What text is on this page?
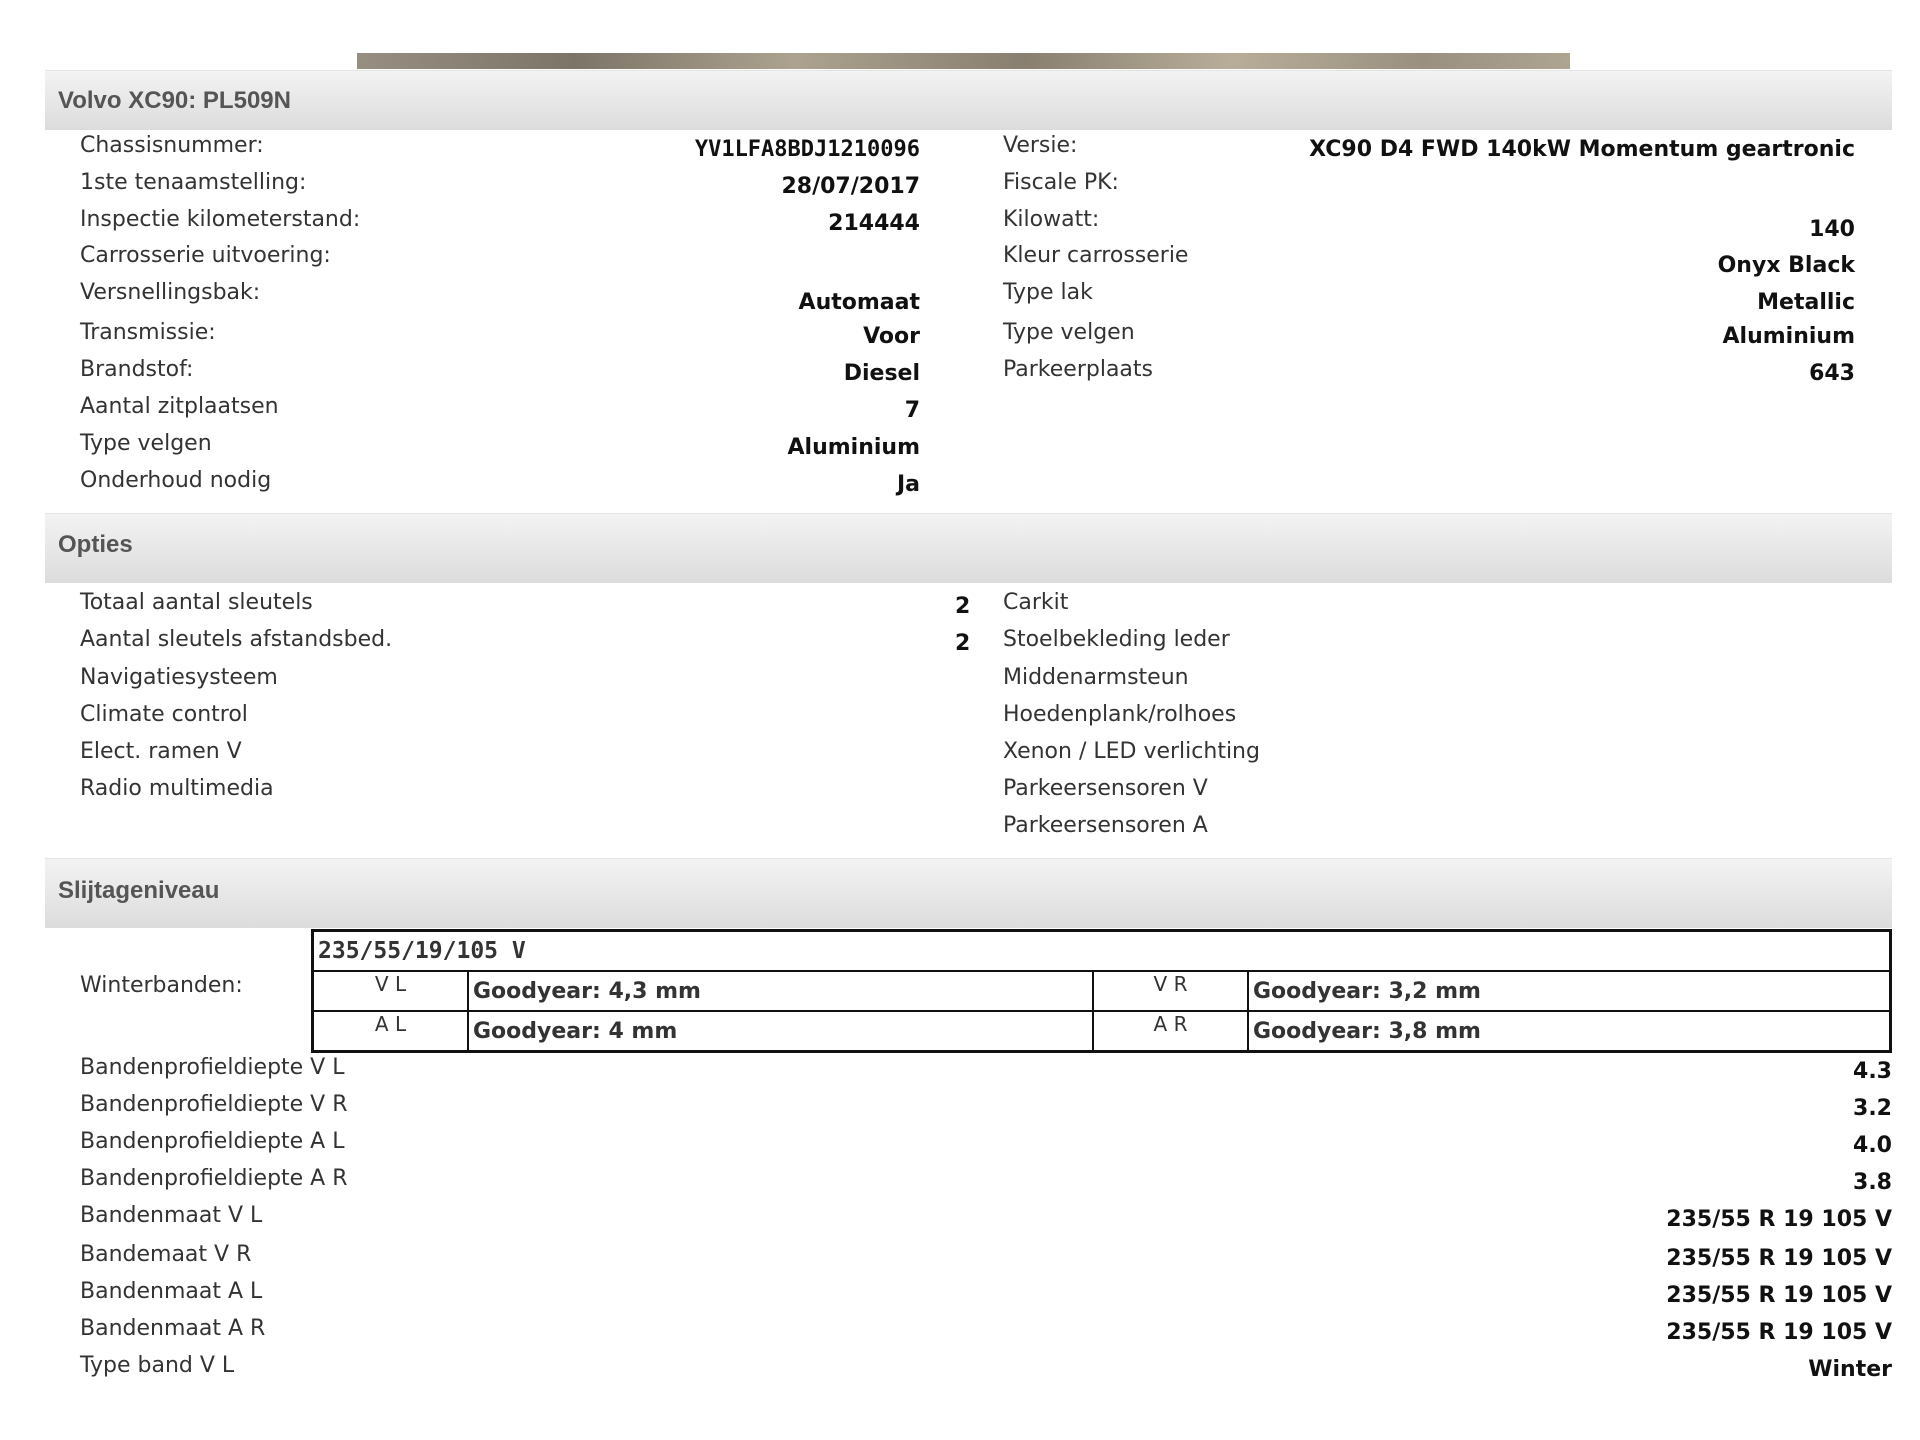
Volvo XC90: PL509N
Chassisnummer:	YV1LFA8BDJ1210096
1ste tenaamstelling:	28/07/2017
Inspectie kilometerstand:	214444
Carrosserie uitvoering:
Versnellingsbak:	Automaat
Transmissie:	Voor
Brandstof:	Diesel
Aantal zitplaatsen	7
Type velgen	Aluminium
Onderhoud nodig	Ja
Versie:	XC90 D4 FWD 140kW Momentum geartronic
Fiscale PK:
Kilowatt:	140
Kleur carrosserie	Onyx Black
Type lak	Metallic
Type velgen	Aluminium
Parkeerplaats	643
Opties
Totaal aantal sleutels	2
Aantal sleutels afstandsbed.	2
Navigatiesysteem
Climate control
Elect. ramen V
Radio multimedia
Carkit
Stoelbekleding leder
Middenarmsteun
Hoedenplank/rolhoes
Xenon / LED verlichting
Parkeersensoren V
Parkeersensoren A
Slijtageniveau
Winterbanden:
235/55/19/105 V			
V L	Goodyear: 4,3 mm	V R	Goodyear: 3,2 mm
A L	Goodyear: 4 mm	A R	Goodyear: 3,8 mm
Bandenprofieldiepte V L	4.3
Bandenprofieldiepte V R	3.2
Bandenprofieldiepte A L	4.0
Bandenprofieldiepte A R	3.8
Bandenmaat V L	235/55 R 19 105 V
Bandemaat V R	235/55 R 19 105 V
Bandenmaat A L	235/55 R 19 105 V
Bandenmaat A R	235/55 R 19 105 V
Type band V L	Winter
